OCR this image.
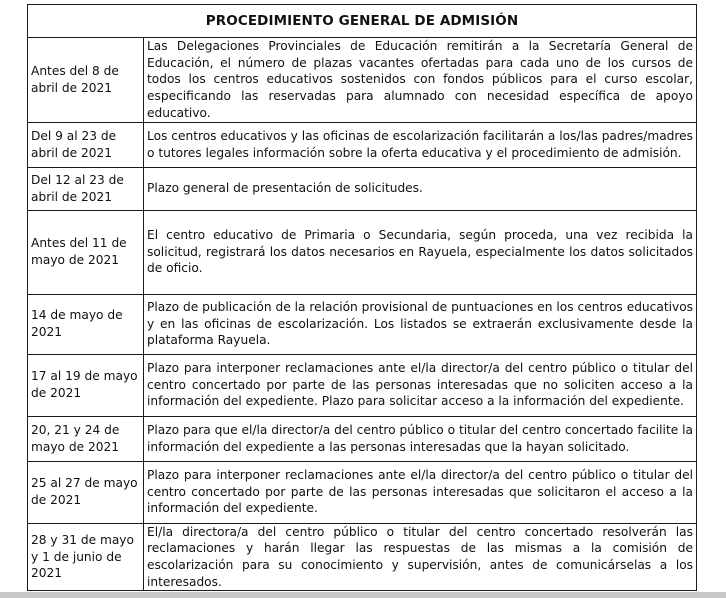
PROCEDIMIENTO GENERAL DE ADMISIÓN	
Antes del 8 de abril de 2021	Las Delegaciones Provinciales de Educación remitirán a la Secretaría General de Educación, el número de plazas vacantes ofertadas para cada uno de los cursos de todos los centros educativos sostenidos con fondos públicos para el curso escolar, especificando las reservadas para alumnado con necesidad específica de apoyo educativo.
Del 9 al 23 de abril de 2021	Los centros educativos y las oficinas de escolarización facilitarán a los/las padres/madres o tutores legales información sobre la oferta educativa y el procedimiento de admisión.
Del 12 al 23 de abril de 2021	Plazo general de presentación de solicitudes.
Antes del 11 de mayo de 2021	El centro educativo de Primaria o Secundaria, según proceda, una vez recibida la solicitud, registrará los datos necesarios en Rayuela, especialmente los datos solicitados de oficio.
14 de mayo de 2021	Plazo de publicación de la relación provisional de puntuaciones en los centros educativos y en las oficinas de escolarización. Los listados se extraerán exclusivamente desde la plataforma Rayuela.
17 al 19 de mayo de 2021	Plazo para interponer reclamaciones ante el/la director/a del centro público o titular del centro concertado por parte de las personas interesadas que no soliciten acceso a la información del expediente. Plazo para solicitar acceso a la información del expediente.
20, 21 y 24 de mayo de 2021	Plazo para que el/la director/a del centro público o titular del centro concertado facilite la información del expediente a las personas interesadas que la hayan solicitado.
25 al 27 de mayo de 2021	Plazo para interponer reclamaciones ante el/la director/a del centro público o titular del centro concertado por parte de las personas interesadas que solicitaron el acceso a la información del expediente.
28 y 31 de mayo y 1 de junio de 2021	El/la directora/a del centro público o titular del centro concertado resolverán las reclamaciones y harán llegar las respuestas de las mismas a la comisión de escolarización para su conocimiento y supervisión, antes de comunicárselas a los interesados.
